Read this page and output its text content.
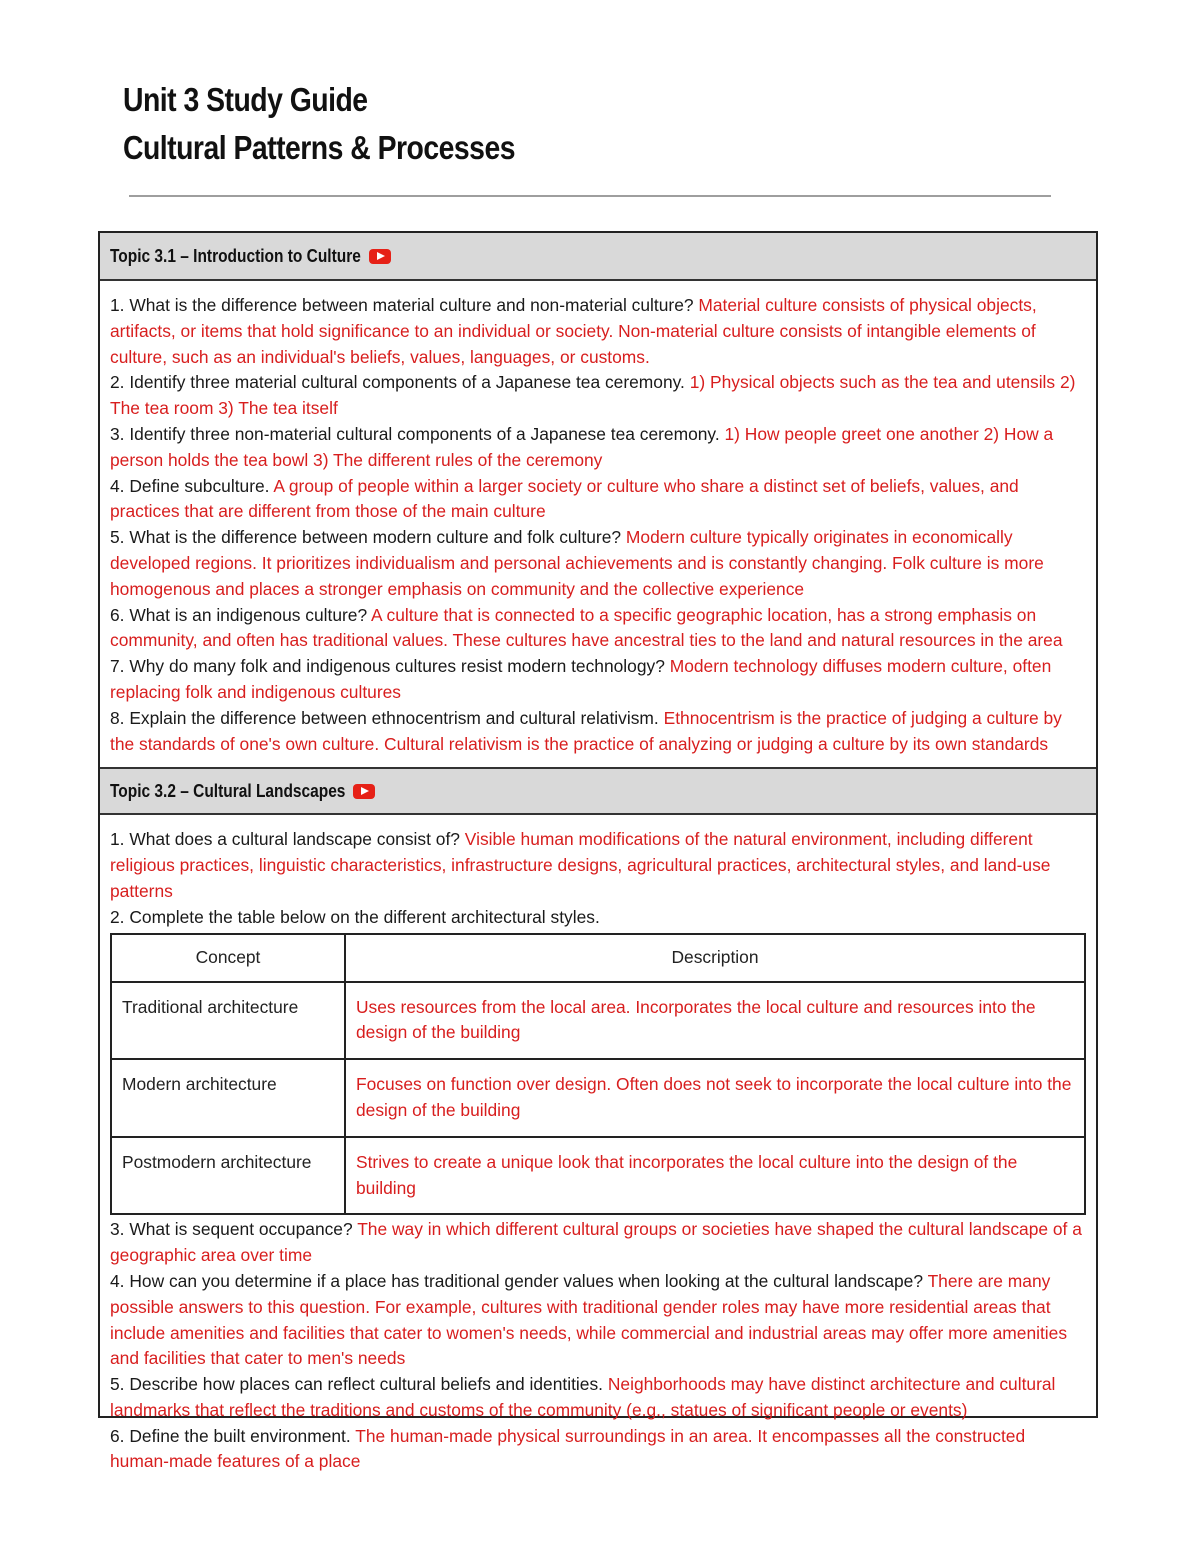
Unit 3 Study Guide
Cultural Patterns & Processes
Topic 3.1 – Introduction to Culture

1. What is the difference between material culture and non-material culture? Material culture consists of physical objects, artifacts, or items that hold significance to an individual or society. Non-material culture consists of intangible elements of culture, such as an individual's beliefs, values, languages, or customs.

2. Identify three material cultural components of a Japanese tea ceremony. 1) Physical objects such as the tea and utensils 2) The tea room 3) The tea itself

3. Identify three non-material cultural components of a Japanese tea ceremony. 1) How people greet one another 2) How a person holds the tea bowl 3) The different rules of the ceremony

4. Define subculture. A group of people within a larger society or culture who share a distinct set of beliefs, values, and practices that are different from those of the main culture

5. What is the difference between modern culture and folk culture? Modern culture typically originates in economically developed regions. It prioritizes individualism and personal achievements and is constantly changing. Folk culture is more homogenous and places a stronger emphasis on community and the collective experience

6. What is an indigenous culture? A culture that is connected to a specific geographic location, has a strong emphasis on community, and often has traditional values. These cultures have ancestral ties to the land and natural resources in the area

7. Why do many folk and indigenous cultures resist modern technology? Modern technology diffuses modern culture, often replacing folk and indigenous cultures

8. Explain the difference between ethnocentrism and cultural relativism. Ethnocentrism is the practice of judging a culture by the standards of one's own culture. Cultural relativism is the practice of analyzing or judging a culture by its own standards

Topic 3.2 – Cultural Landscapes

1. What does a cultural landscape consist of? Visible human modifications of the natural environment, including different religious practices, linguistic characteristics, infrastructure designs, agricultural practices, architectural styles, and land-use patterns

2. Complete the table below on the different architectural styles.

Concept	Description
Traditional architecture	Uses resources from the local area. Incorporates the local culture and resources into the design of the building
Modern architecture	Focuses on function over design. Often does not seek to incorporate the local culture into the design of the building
Postmodern architecture	Strives to create a unique look that incorporates the local culture into the design of the building

3. What is sequent occupance? The way in which different cultural groups or societies have shaped the cultural landscape of a geographic area over time

4. How can you determine if a place has traditional gender values when looking at the cultural landscape? There are many possible answers to this question. For example, cultures with traditional gender roles may have more residential areas that include amenities and facilities that cater to women's needs, while commercial and industrial areas may offer more amenities and facilities that cater to men's needs

5. Describe how places can reflect cultural beliefs and identities. Neighborhoods may have distinct architecture and cultural landmarks that reflect the traditions and customs of the community (e.g., statues of significant people or events)

6. Define the built environment. The human-made physical surroundings in an area. It encompasses all the constructed human-made features of a place
